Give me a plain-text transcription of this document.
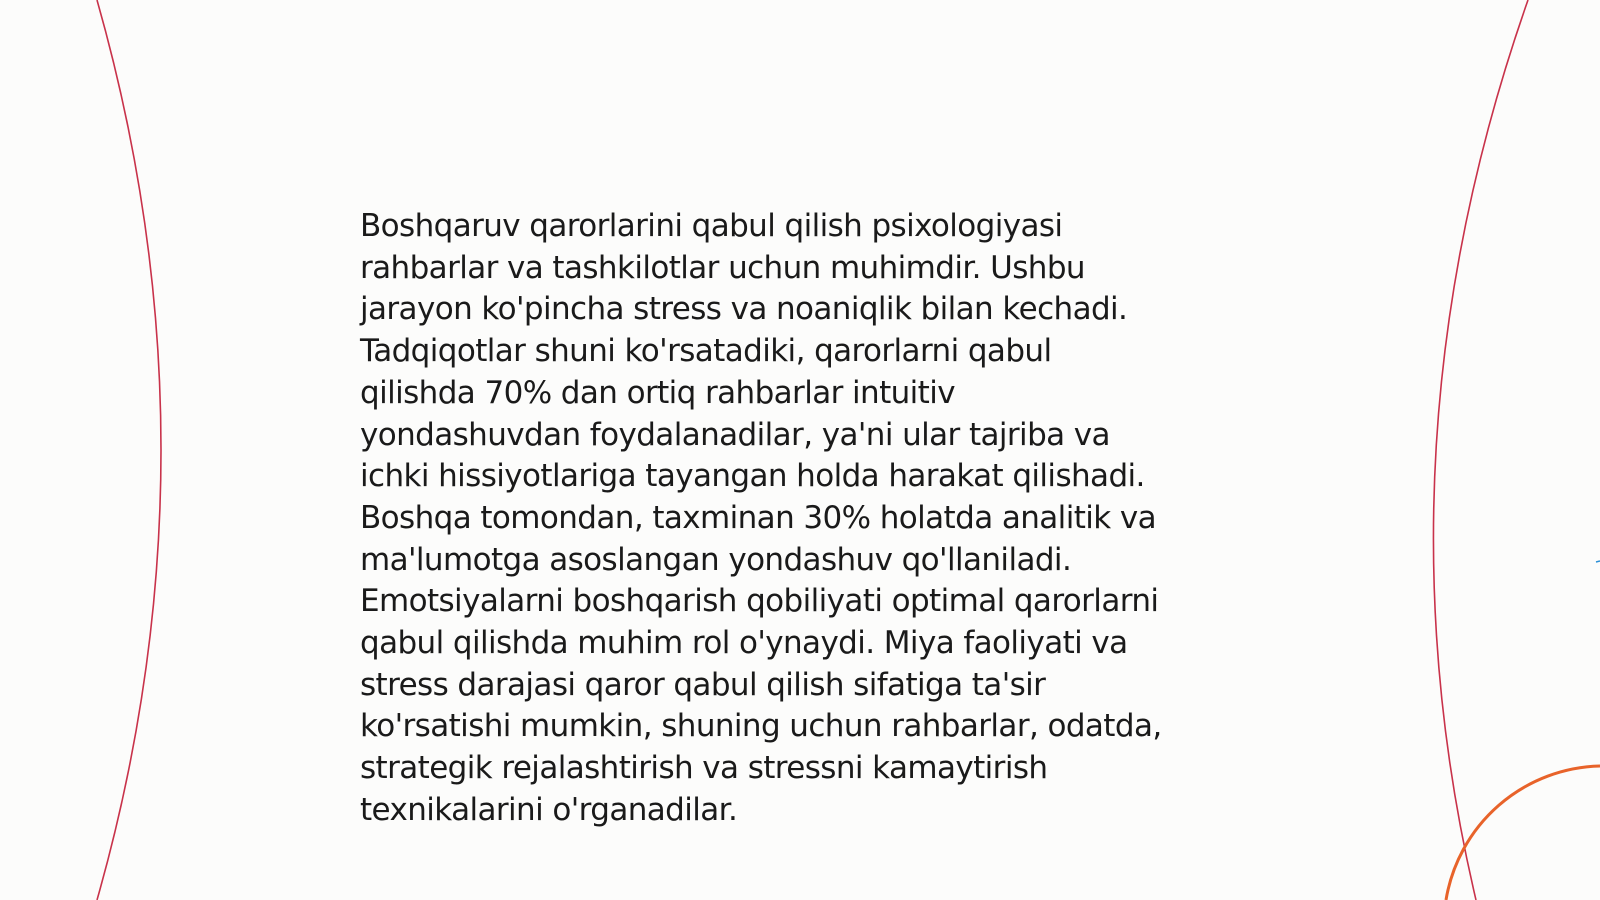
Boshqaruv qarorlarini qabul qilish psixologiyasi
rahbarlar va tashkilotlar uchun muhimdir. Ushbu
jarayon ko'pincha stress va noaniqlik bilan kechadi.
Tadqiqotlar shuni ko'rsatadiki, qarorlarni qabul
qilishda 70% dan ortiq rahbarlar intuitiv
yondashuvdan foydalanadilar, ya'ni ular tajriba va
ichki hissiyotlariga tayangan holda harakat qilishadi.
Boshqa tomondan, taxminan 30% holatda analitik va
ma'lumotga asoslangan yondashuv qo'llaniladi.
Emotsiyalarni boshqarish qobiliyati optimal qarorlarni
qabul qilishda muhim rol o'ynaydi. Miya faoliyati va
stress darajasi qaror qabul qilish sifatiga ta'sir
ko'rsatishi mumkin, shuning uchun rahbarlar, odatda,
strategik rejalashtirish va stressni kamaytirish
texnikalarini o'rganadilar.
